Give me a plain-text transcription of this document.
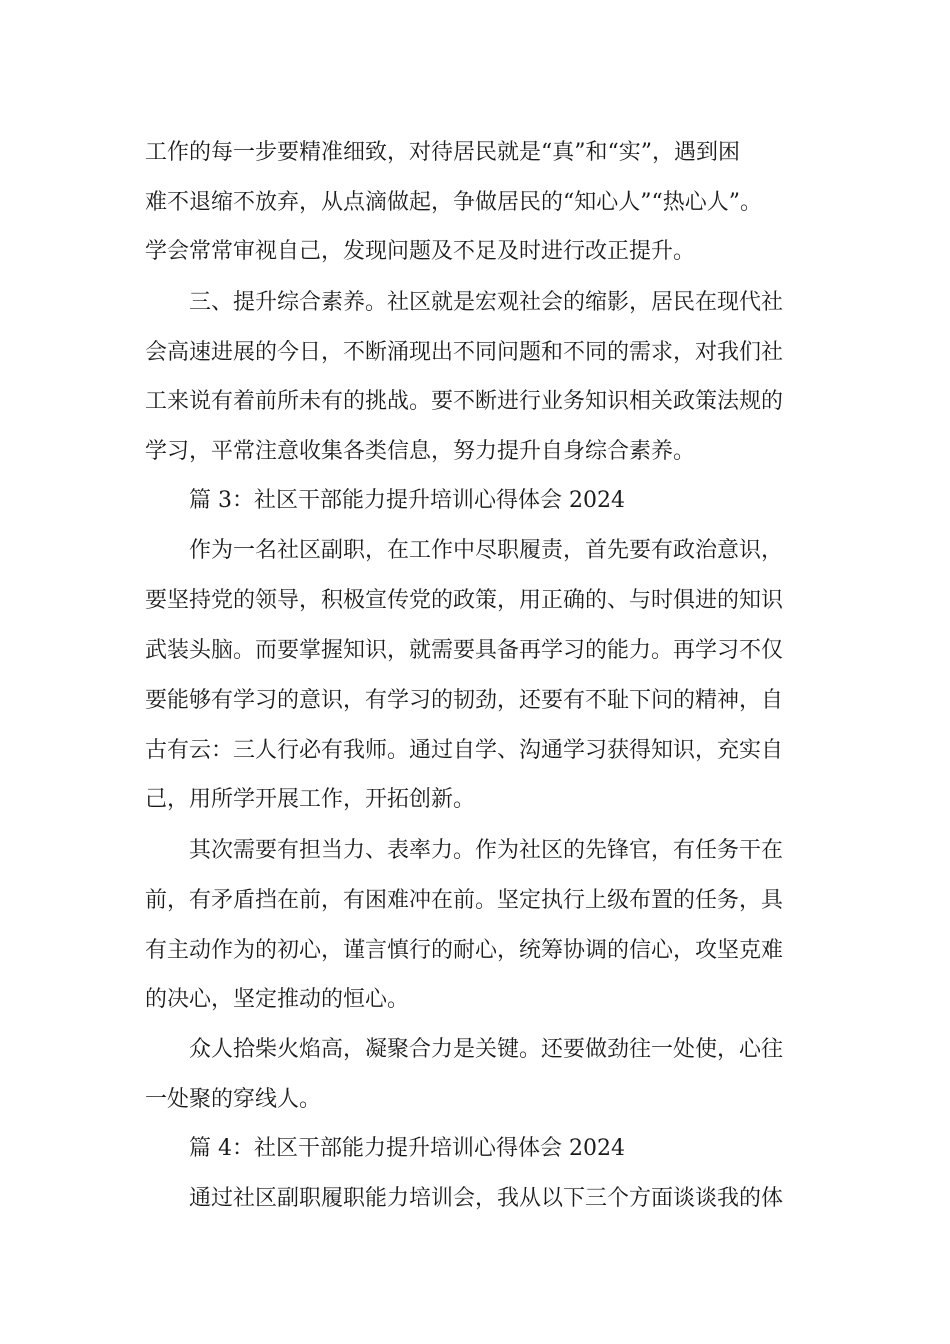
工作的每一步要精准细致，对待居民就是“真”和“实”，遇到困
难不退缩不放弃，从点滴做起，争做居民的“知心人”“热心人”。
学会常常审视自己，发现问题及不足及时进行改正提升。
三、提升综合素养。社区就是宏观社会的缩影，居民在现代社
会高速进展的今日，不断涌现出不同问题和不同的需求，对我们社
工来说有着前所未有的挑战。要不断进行业务知识相关政策法规的
学习，平常注意收集各类信息，努力提升自身综合素养。
篇 3：社区干部能力提升培训心得体会 2024
作为一名社区副职，在工作中尽职履责，首先要有政治意识，
要坚持党的领导，积极宣传党的政策，用正确的、与时俱进的知识
武装头脑。而要掌握知识，就需要具备再学习的能力。再学习不仅
要能够有学习的意识，有学习的韧劲，还要有不耻下问的精神，自
古有云：三人行必有我师。通过自学、沟通学习获得知识，充实自
己，用所学开展工作，开拓创新。
其次需要有担当力、表率力。作为社区的先锋官，有任务干在
前，有矛盾挡在前，有困难冲在前。坚定执行上级布置的任务，具
有主动作为的初心，谨言慎行的耐心，统筹协调的信心，攻坚克难
的决心，坚定推动的恒心。
众人拾柴火焰高，凝聚合力是关键。还要做劲往一处使，心往
一处聚的穿线人。
篇 4：社区干部能力提升培训心得体会 2024
通过社区副职履职能力培训会，我从以下三个方面谈谈我的体
